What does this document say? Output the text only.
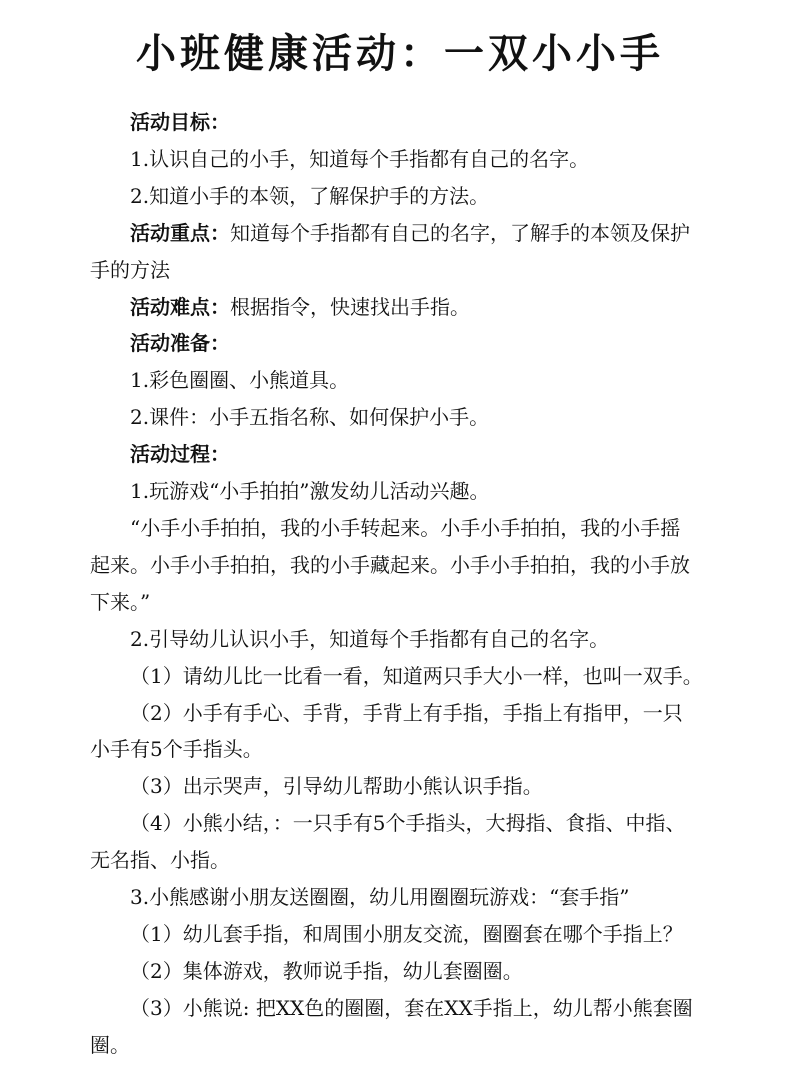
小班健康活动：一双小小手

活动目标：

1.认识自己的小手，知道每个手指都有自己的名字。

2.知道小手的本领，了解保护手的方法。

活动重点：知道每个手指都有自己的名字，了解手的本领及保护

手的方法

活动难点：根据指令，快速找出手指。

活动准备：

1.彩色圈圈、小熊道具。

2.课件：小手五指名称、如何保护小手。

活动过程：

1.玩游戏“小手拍拍”激发幼儿活动兴趣。

“小手小手拍拍，我的小手转起来。小手小手拍拍，我的小手摇

起来。小手小手拍拍，我的小手藏起来。小手小手拍拍，我的小手放

下来。”

2.引导幼儿认识小手，知道每个手指都有自己的名字。

（1）请幼儿比一比看一看，知道两只手大小一样，也叫一双手。

（2）小手有手心、手背，手背上有手指，手指上有指甲，一只

小手有5个手指头。

（3）出示哭声，引导幼儿帮助小熊认识手指。

（4）小熊小结，：一只手有5个手指头，大拇指、食指、中指、

无名指、小指。

3.小熊感谢小朋友送圈圈，幼儿用圈圈玩游戏：“套手指”

（1）幼儿套手指，和周围小朋友交流，圈圈套在哪个手指上？

（2）集体游戏，教师说手指，幼儿套圈圈。

（3）小熊说: 把XX色的圈圈，套在XX手指上，幼儿帮小熊套圈

圈。
